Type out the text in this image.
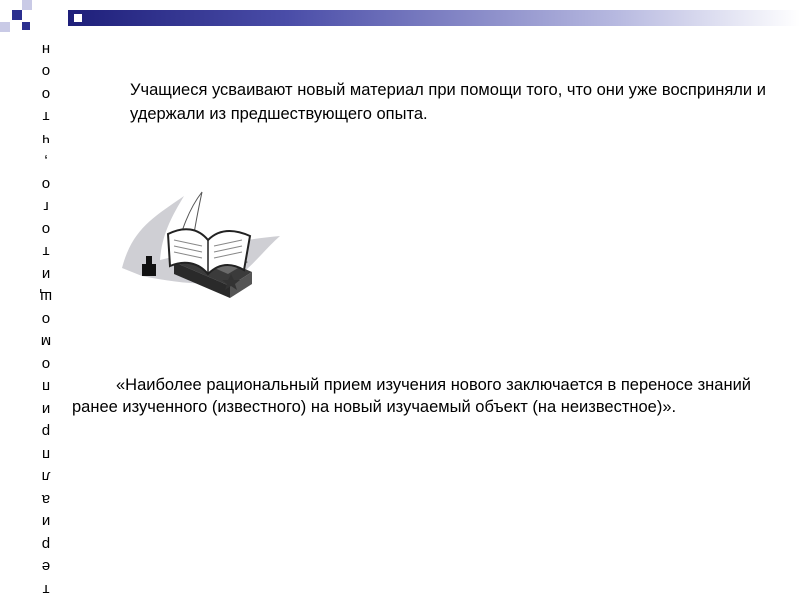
т
е
р
и
а
л
п
р
и
п
о
м
о
щ
и
т
о
г
о
,
ч
т
о
о
н
Учащиеся усваивают новый материал при помощи того, что они уже восприняли и удержали из предшествующего опыта.
«Наиболее рациональный прием изучения нового заключается в переносе знаний ранее изученного (известного) на новый изучаемый объект (на неизвестное)».
